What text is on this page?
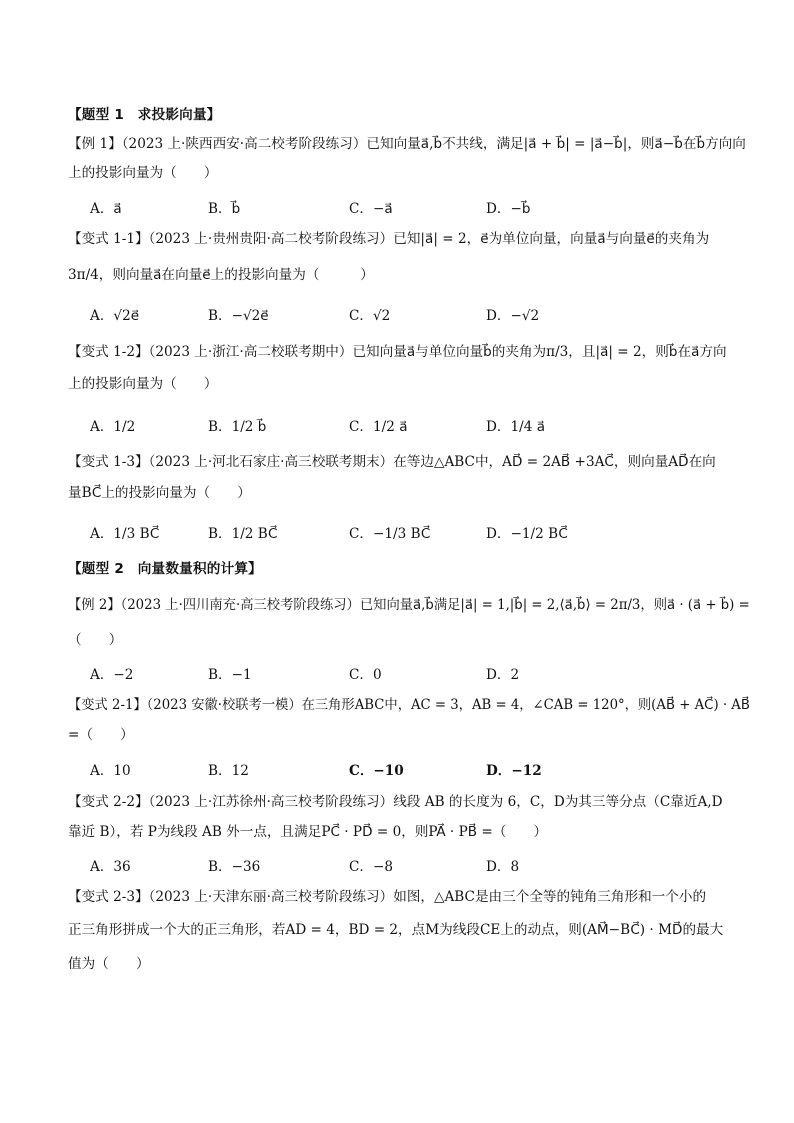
【题型 1　求投影向量】
【例 1】（2023 上·陕西西安·高二校考阶段练习）已知向量a⃗,b⃗不共线，满足|a⃗ + b⃗| = |a⃗−b⃗|，则a⃗−b⃗在b⃗方向向
上的投影向量为（　　）
A．a⃗	B．b⃗	C．−a⃗	D．−b⃗
【变式 1-1】（2023 上·贵州贵阳·高二校考阶段练习）已知|a⃗| = 2，e⃗为单位向量，向量a⃗与向量e⃗的夹角为
3π/4，则向量a⃗在向量e⃗上的投影向量为（　　　）
A．√2e⃗	B．−√2e⃗	C．√2	D．−√2
【变式 1-2】（2023 上·浙江·高二校联考期中）已知向量a⃗与单位向量b⃗的夹角为π/3，且|a⃗| = 2，则b⃗在a⃗方向
上的投影向量为（　　）
A．1/2	B．1/2 b⃗	C．1/2 a⃗	D．1/4 a⃗
【变式 1-3】（2023 上·河北石家庄·高三校联考期末）在等边△ABC中，AD⃗ = 2AB⃗ +3AC⃗，则向量AD⃗在向
量BC⃗上的投影向量为（　　）
A．1/3 BC⃗	B．1/2 BC⃗	C．−1/3 BC⃗	D．−1/2 BC⃗
【题型 2　向量数量积的计算】
【例 2】（2023 上·四川南充·高三校考阶段练习）已知向量a⃗,b⃗满足|a⃗| = 1,|b⃗| = 2,⟨a⃗,b⃗⟩ = 2π/3，则a⃗ · (a⃗ + b⃗) =
（　　）
A．−2	B．−1	C．0	D．2
【变式 2-1】（2023 安徽·校联考一模）在三角形ABC中，AC = 3，AB = 4，∠CAB = 120°，则(AB⃗ + AC⃗) · AB⃗
=（　　）
A．10	B．12	C．−10	D．−12
【变式 2-2】（2023 上·江苏徐州·高三校考阶段练习）线段 AB 的长度为 6，C，D为其三等分点（C靠近A,D
靠近 B），若 P为线段 AB 外一点，且满足PC⃗ · PD⃗ = 0，则PA⃗ · PB⃗ =（　　）
A．36	B．−36	C．−8	D．8
【变式 2-3】（2023 上·天津东丽·高三校考阶段练习）如图，△ABC是由三个全等的钝角三角形和一个小的
正三角形拼成一个大的正三角形，若AD = 4，BD = 2，点M为线段CE上的动点，则(AM⃗−BC⃗) · MD⃗的最大
值为（　　）
